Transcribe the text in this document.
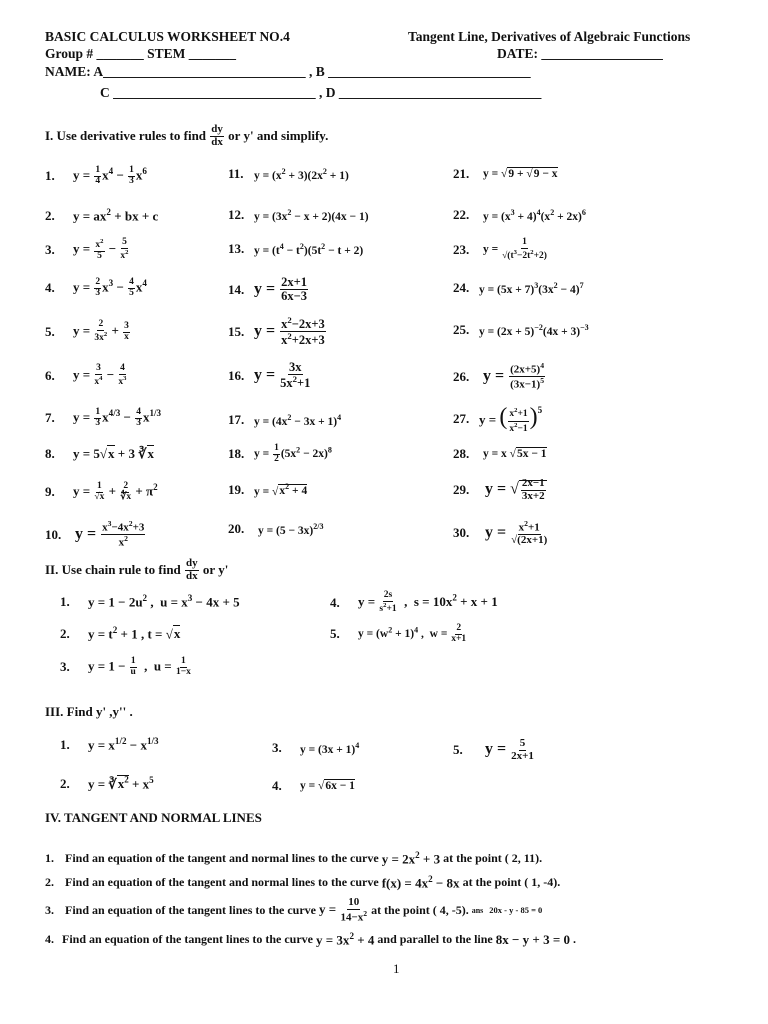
BASIC CALCULUS WORKSHEET NO.4	Tangent Line, Derivatives of Algebraic Functions
Group # _______ STEM _______	DATE: __________________
NAME: A______________________________ , B ______________________________
C ______________________________ , D ______________________________
I. Use derivative rules to find
dy
dx
or y' and simplify.
1.	$y = \frac{1}{4} x^4 - \frac{1}{3} x^6$
2.	$y = ax^2$ + bx + c
3.	$y = \frac{x^2}{5} - \frac{5}{x^2}$
4.	$y = \frac{2}{3} x^3 - \frac{4}{5} x^4$
5.	$y = \frac{2}{3x^2} + \frac{3}{x}$
6.	$y = \frac{3}{x^4} - \frac{4}{x^3}$
7.	$y = \frac{1}{3} x^{4/3} - \frac{4}{3} x^{1/3}$
8.	y = 5√x + 3 ∛x
9.	$y = \frac{1}{√x} + \frac{2}{∜x} + \pi^2$
10. $y = \frac{x^3-4x^2+3}{x^2}$
11. $y = (x^2 + 3)(2x^2 + 1)$
12. $y = (3x^2 - x + 2)(4x - 1)$
13. $y = (t^4 - t^2)(5t^2 - t + 2)$
14. $y = \frac{2x+1}{6x-3}$
15. $y = \frac{x^2-2x+3}{x^2+2x+3}$
16. $y = \frac{3x}{5x^2+1}$
17. $y = (4x^2 - 3x + 1)^4$
18. $y = \frac{1}{2} (5x^2 - 2x)^8$
19. $y = √x^2 + 4$
20.	$y = (5 - 3x)^{2/3}$
21.	y = √9 + √9 − x
22.	$y = (x^3 + 4)^4(x^2 + 2x)^6$
23.	$y = \frac{1}{√(t^3-2t^2+2)}$
24. $y = (5x + 7)^3(3x^2 - 4)^7$
25. $y = (2x + 5)^{-2}(4x + 3)^{-3}$
26. $y = \frac{(2x+5)^4}{(3x-1)^5}$
27. y = ( $\frac{x^2+1}{x^2-1} )^5$
28.	y = x √5x − 1
29. y = √ $\frac{2x-1}{3x+2}$
30. $y = \frac{x^2+1}{√(2x+1)}$
II. Use chain rule to find
dy
dx
or y'
1.	$y = 1 - 2u^2$ ,  $u = x^3 - 4x + 5$
2.	$y = t^2 + 1$ , t = √x
3.	$y = 1 - \frac{1}{u}$ ,  $u = \frac{1}{1-x}$
4.	$y = \frac{2s}{s^2+1}$ ,  $s = 10x^2 + x + 1$
5.	$y = (w^2 + 1)^4$ ,  $w = \frac{2}{x+1}$
III. Find y' ,y'' .
1.	$y = x^{1/2} - x^{1/3}$
2.	$y = ∛x^2 + x^5$
3.	$y = (3x + 1)^4$
4.	y = √6x − 1
5.	$y = \frac{5}{2x+1}$
IV. TANGENT AND NORMAL LINES
1. Find an equation of the tangent and normal lines to the curve
$y = 2x^2 + 3$
at the point ( 2, 11).
2. Find an equation of the tangent and normal lines to the curve
$f(x) = 4x^2 - 8x$
at the point ( 1, -4).
3. Find an equation of the tangent lines to the curve
$y = \frac{10}{14-x^2}$
at the point ( 4, -5).
ans
20x - y - 85 = 0
4. Find an equation of the tangent lines to the curve
$y = 3x^2 + 4$
and parallel to the line
8x − y + 3 = 0
.
1
